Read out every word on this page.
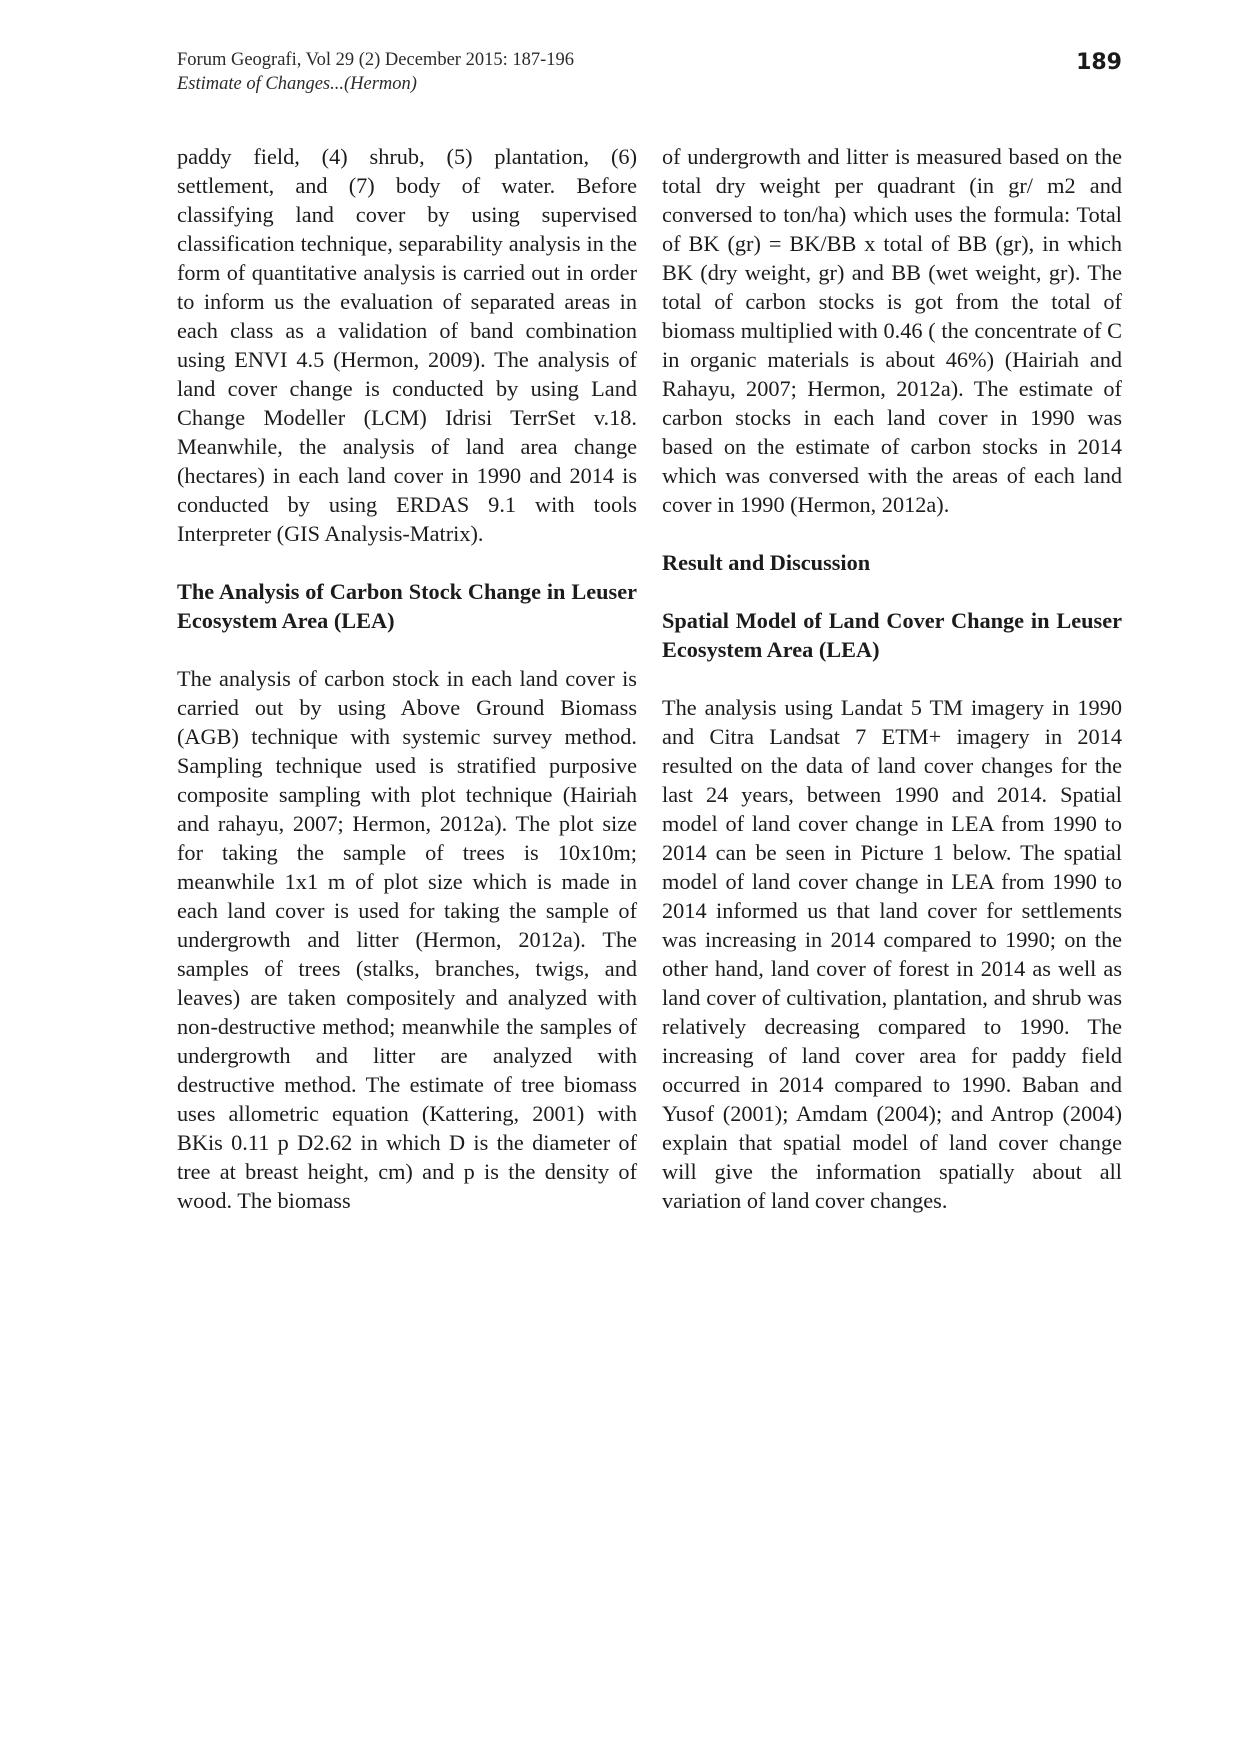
Forum Geografi, Vol 29 (2) December 2015: 187-196
Estimate of Changes...(Hermon)
189

paddy field, (4) shrub, (5) plantation, (6) settlement, and (7) body of water. Before classifying land cover by using supervised classification technique, separability analysis in the form of quantitative analysis is carried out in order to inform us the evaluation of separated areas in each class as a validation of band combination using ENVI 4.5 (Hermon, 2009). The analysis of land cover change is conducted by using Land Change Modeller (LCM) Idrisi TerrSet v.18. Meanwhile, the analysis of land area change (hectares) in each land cover in 1990 and 2014 is conducted by using ERDAS 9.1 with tools Interpreter (GIS Analysis-Matrix).

The Analysis of Carbon Stock Change in Leuser Ecosystem Area (LEA)

The analysis of carbon stock in each land cover is carried out by using Above Ground Biomass (AGB) technique with systemic survey method. Sampling technique used is stratified purposive composite sampling with plot technique (Hairiah and rahayu, 2007; Hermon, 2012a). The plot size for taking the sample of trees is 10x10m; meanwhile 1x1 m of plot size which is made in each land cover is used for taking the sample of undergrowth and litter (Hermon, 2012a). The samples of trees (stalks, branches, twigs, and leaves) are taken compositely and analyzed with non-destructive method; meanwhile the samples of undergrowth and litter are analyzed with destructive method. The estimate of tree biomass uses allometric equation (Kattering, 2001) with BKis 0.11 p D2.62 in which D is the diameter of tree at breast height, cm) and p is the density of wood. The biomass

of undergrowth and litter is measured based on the total dry weight per quadrant (in gr/ m2 and conversed to ton/ha) which uses the formula: Total of BK (gr) = BK/BB x total of BB (gr), in which BK (dry weight, gr) and BB (wet weight, gr). The total of carbon stocks is got from the total of biomass multiplied with 0.46 ( the concentrate of C in organic materials is about 46%) (Hairiah and Rahayu, 2007; Hermon, 2012a). The estimate of carbon stocks in each land cover in 1990 was based on the estimate of carbon stocks in 2014 which was conversed with the areas of each land cover in 1990 (Hermon, 2012a).

Result and Discussion
Spatial Model of Land Cover Change in Leuser Ecosystem Area (LEA)

The analysis using Landat 5 TM imagery in 1990 and Citra Landsat 7 ETM+ imagery in 2014 resulted on the data of land cover changes for the last 24 years, between 1990 and 2014. Spatial model of land cover change in LEA from 1990 to 2014 can be seen in Picture 1 below. The spatial model of land cover change in LEA from 1990 to 2014 informed us that land cover for settlements was increasing in 2014 compared to 1990; on the other hand, land cover of forest in 2014 as well as land cover of cultivation, plantation, and shrub was relatively decreasing compared to 1990. The increasing of land cover area for paddy field occurred in 2014 compared to 1990. Baban and Yusof (2001); Amdam (2004); and Antrop (2004) explain that spatial model of land cover change will give the information spatially about all variation of land cover changes.
